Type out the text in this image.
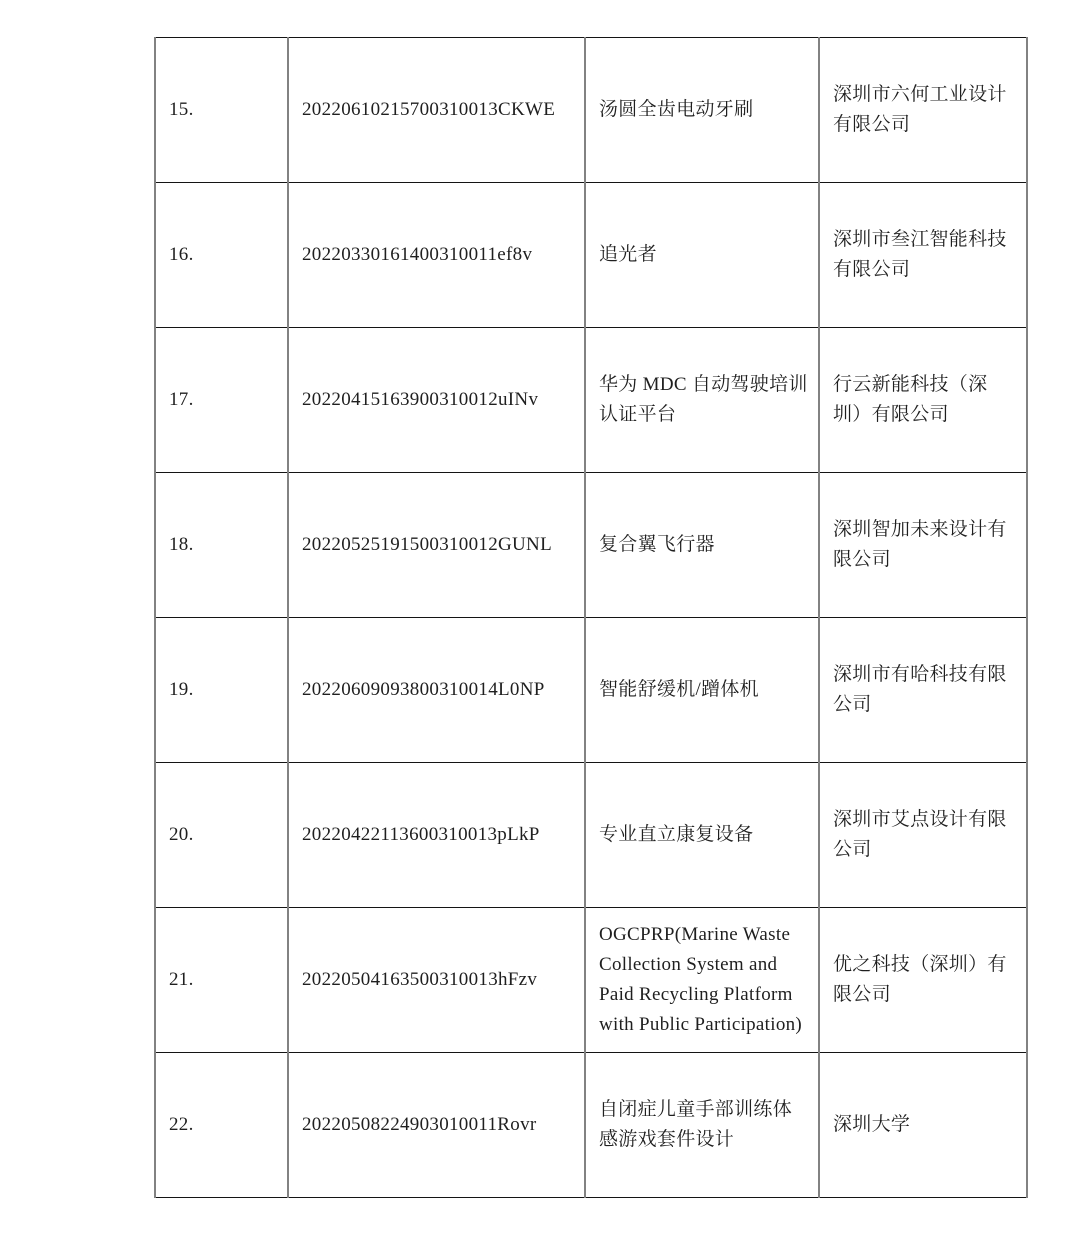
15.	20220610215700310013CKWE	汤圆全齿电动牙刷	深圳市六何工业设计有限公司
16.	20220330161400310011ef8v	追光者	深圳市叁江智能科技有限公司
17.	20220415163900310012uINv	华为 MDC 自动驾驶培训认证平台	行云新能科技（深圳）有限公司
18.	20220525191500310012GUNL	复合翼飞行器	深圳智加未来设计有限公司
19.	20220609093800310014L0NP	智能舒缓机/蹭体机	深圳市有哈科技有限公司
20.	20220422113600310013pLkP	专业直立康复设备	深圳市艾点设计有限公司
21.	20220504163500310013hFzv	OGCPRP(Marine Waste Collection System and Paid Recycling Platform with Public Participation)	优之科技（深圳）有限公司
22.	20220508224903010011Rovr	自闭症儿童手部训练体感游戏套件设计	深圳大学
